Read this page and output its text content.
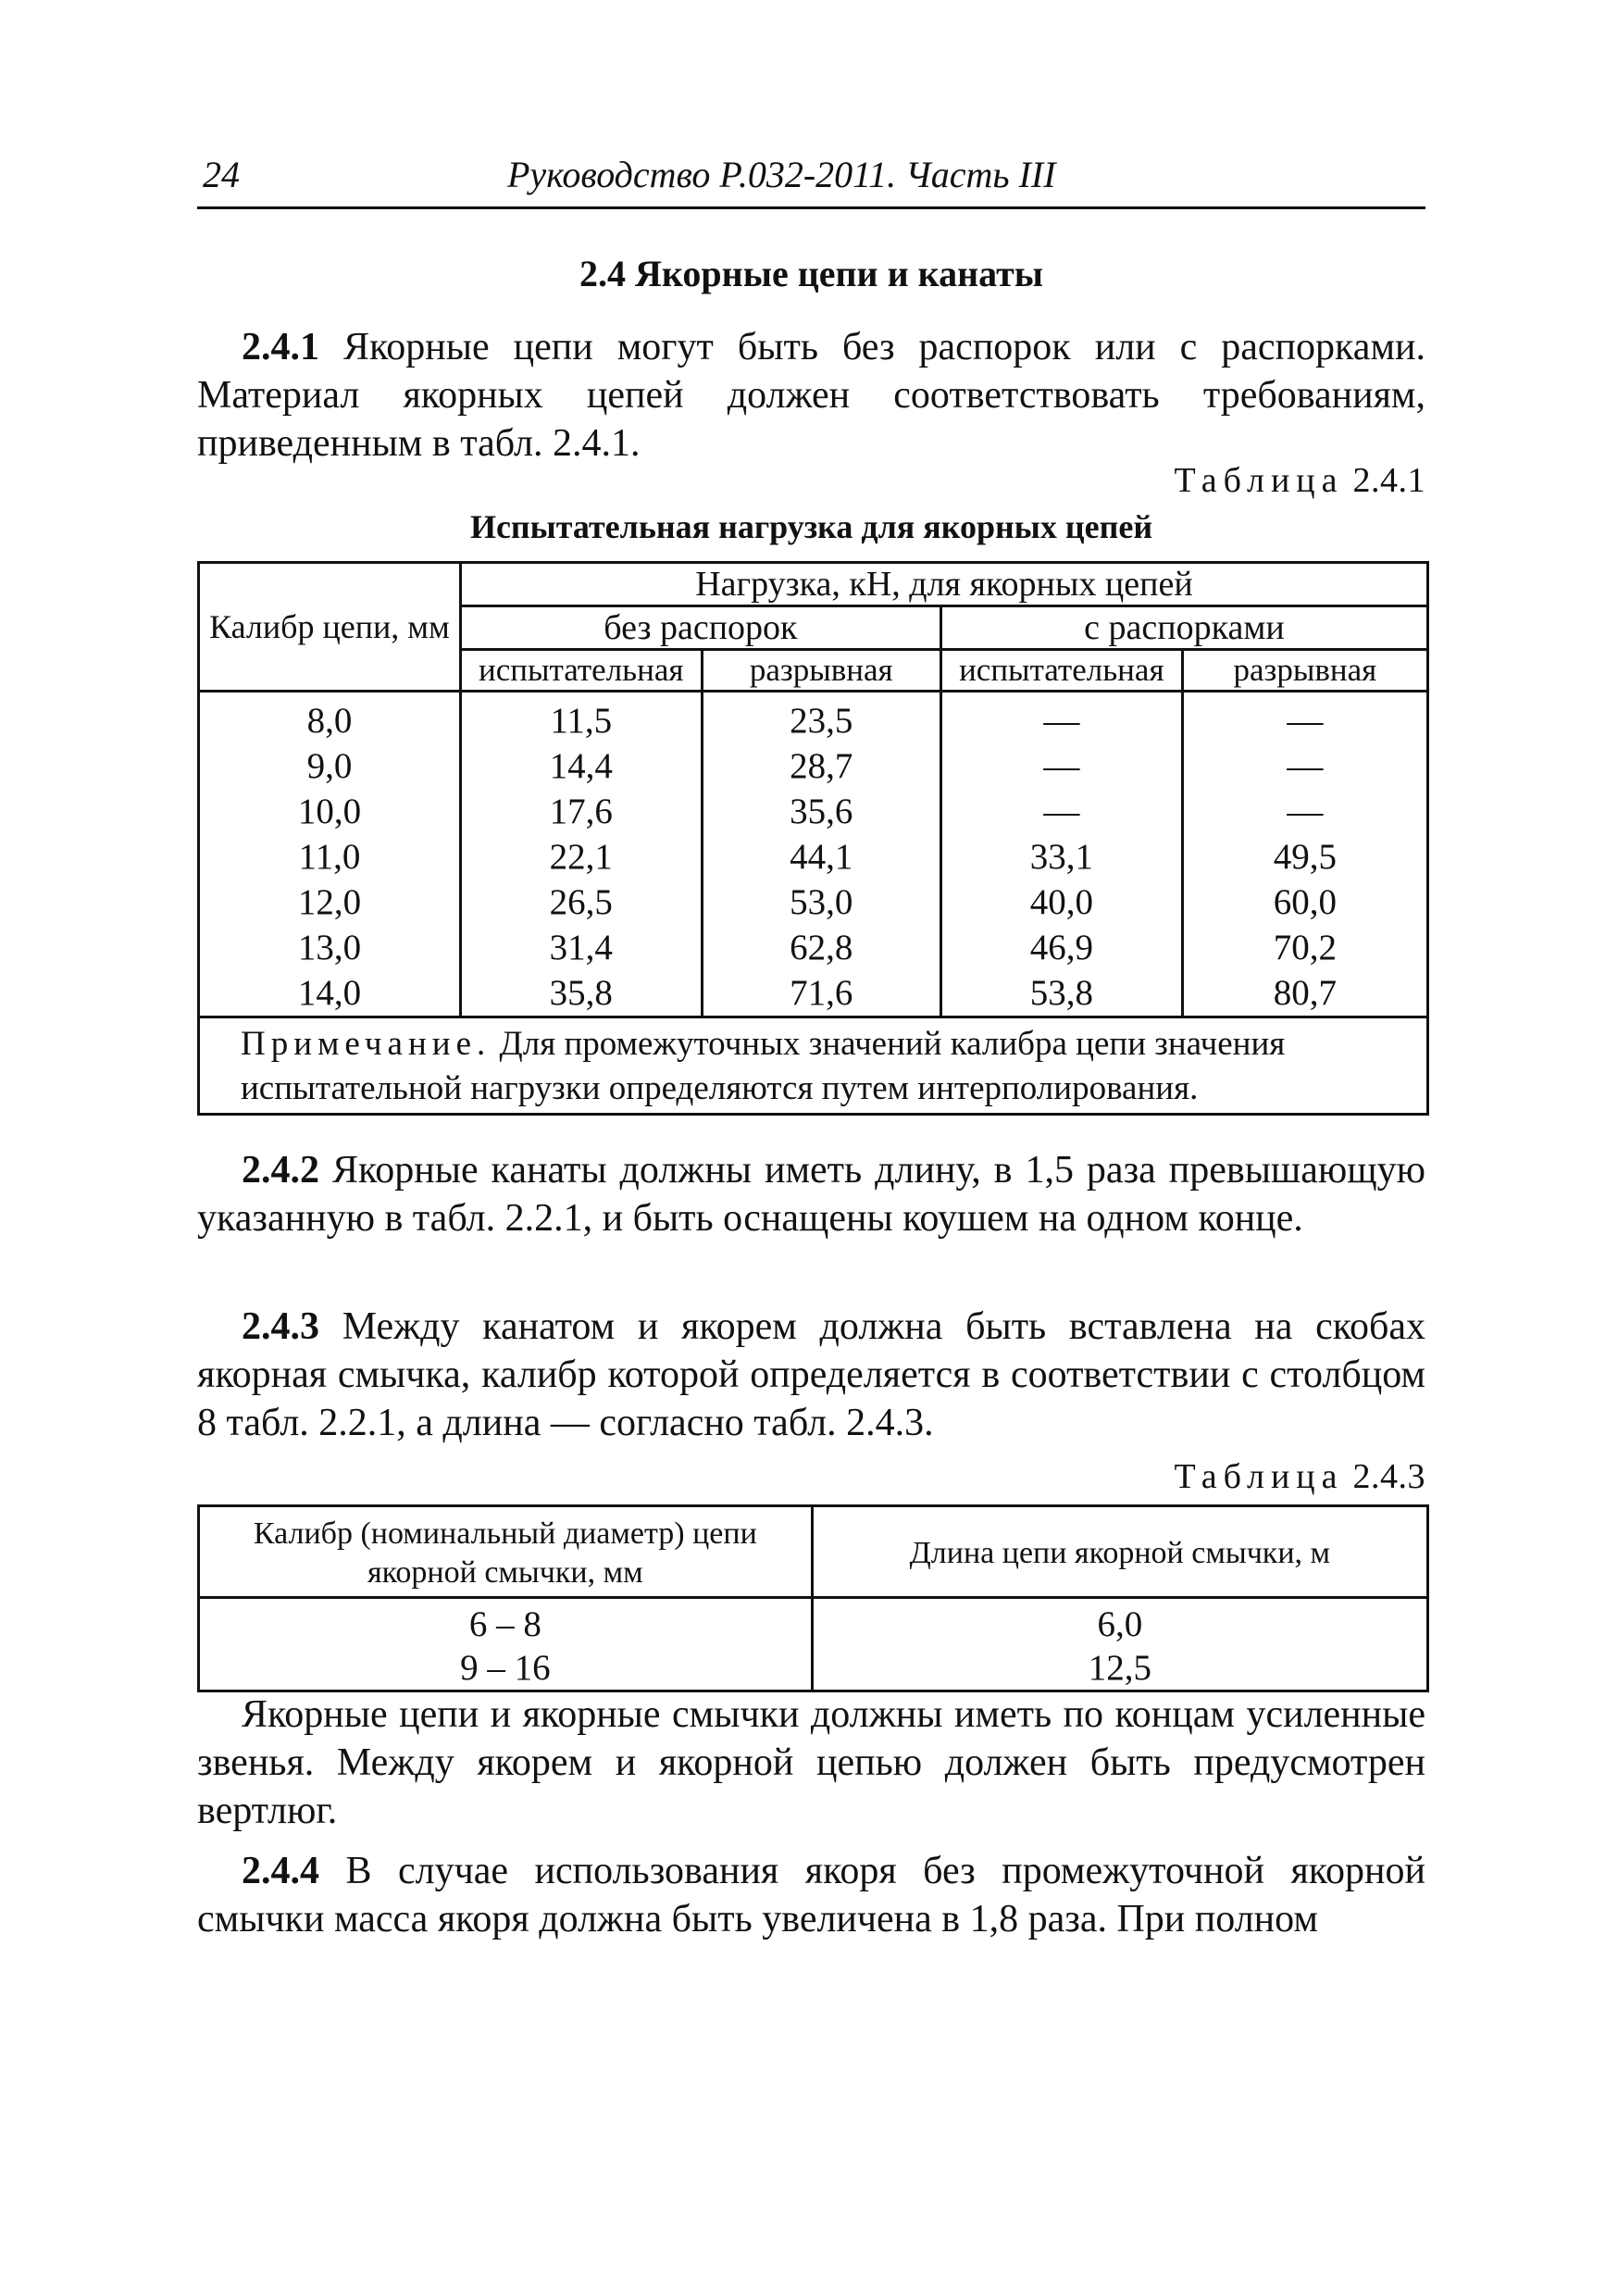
24	Руководство Р.032-2011. Часть III
2.4 Якорные цепи и канаты

2.4.1 Якорные цепи могут быть без распорок или с распорками. Материал якорных цепей должен соответствовать требованиям, приведенным в табл. 2.4.1.

Таблица 2.4.1
Испытательная нагрузка для якорных цепей
Калибр цепи, мм	Нагрузка, кН, для якорных цепей			
	без распорок		с распорками	
	испытательная	разрывная	испытательная	разрывная
8,0	11,5	23,5	—	—
9,0	14,4	28,7	—	—
10,0	17,6	35,6	—	—
11,0	22,1	44,1	33,1	49,5
12,0	26,5	53,0	40,0	60,0
13,0	31,4	62,8	46,9	70,2
14,0	35,8	71,6	53,8	80,7
Примечание. Для промежуточных значений калибра цепи значения испытательной нагрузки определяются путем интерполирования.				

2.4.2 Якорные канаты должны иметь длину, в 1,5 раза превышающую указанную в табл. 2.2.1, и быть оснащены коушем на одном конце.

2.4.3 Между канатом и якорем должна быть вставлена на скобах якорная смычка, калибр которой определяется в соответствии с столбцом 8 табл. 2.2.1, а длина — согласно табл. 2.4.3.

Таблица 2.4.3
Калибр (номинальный диаметр) цепи якорной смычки, мм	Длина цепи якорной смычки, м
6 – 8	6,0
9 – 16	12,5

Якорные цепи и якорные смычки должны иметь по концам усиленные звенья. Между якорем и якорной цепью должен быть предусмотрен вертлюг.

2.4.4 В случае использования якоря без промежуточной якорной смычки масса якоря должна быть увеличена в 1,8 раза. При полном
